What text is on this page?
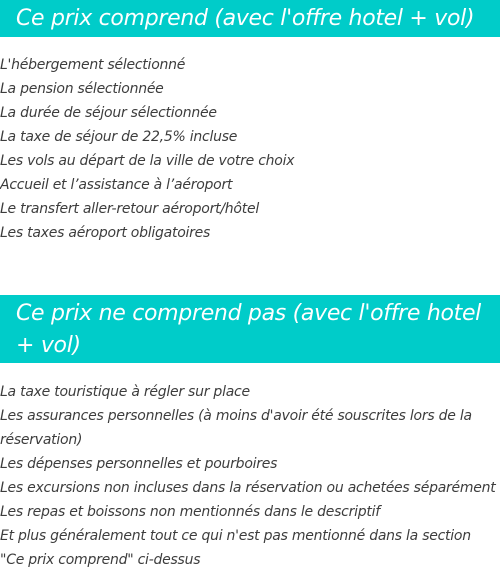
Ce prix comprend (avec l'offre hotel + vol)
L'hébergement sélectionné
La pension sélectionnée
La durée de séjour sélectionnée
La taxe de séjour de 22,5% incluse
Les vols au départ de la ville de votre choix
Accueil et l’assistance à l’aéroport
Le transfert aller-retour aéroport/hôtel
Les taxes aéroport obligatoires
Ce prix ne comprend pas (avec l'offre hotel + vol)
La taxe touristique à régler sur place
Les assurances personnelles (à moins d'avoir été souscrites lors de la réservation)
Les dépenses personnelles et pourboires
Les excursions non incluses dans la réservation ou achetées séparément
Les repas et boissons non mentionnés dans le descriptif
Et plus généralement tout ce qui n'est pas mentionné dans la section "Ce prix comprend" ci-dessus
